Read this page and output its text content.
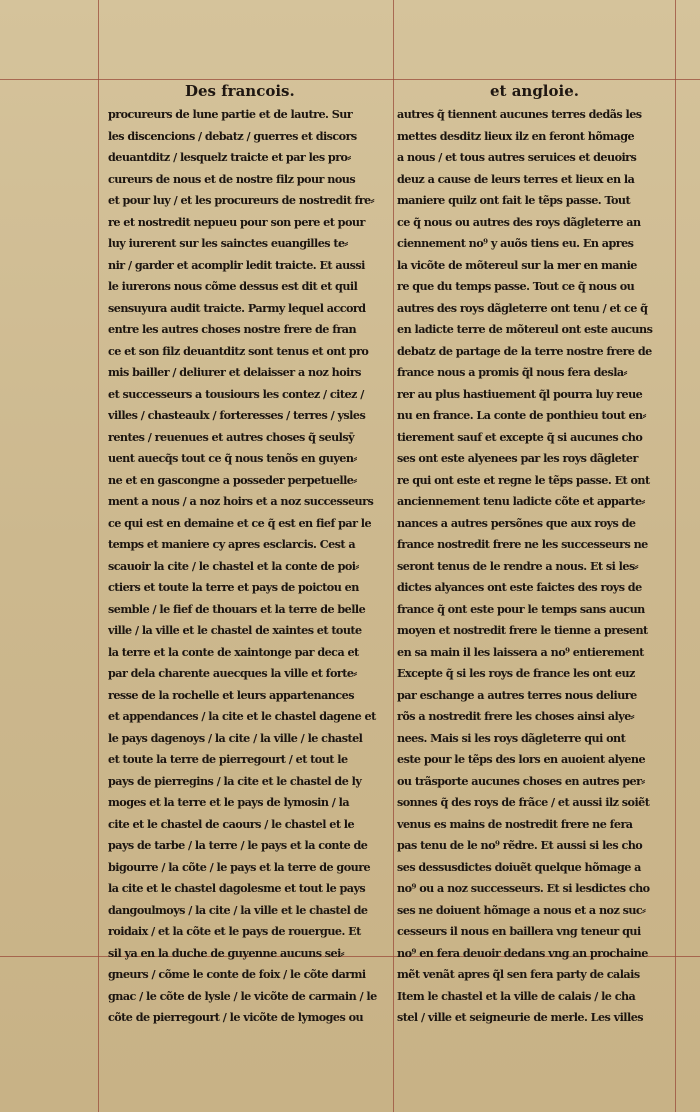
Des francois.	et angloie.
procureurs de lune partie et de lautre. Sur
les discencions / debatz / guerres et discors
deuantditz / lesquelz traicte et par les pro⸗
cureurs de nous et de nostre filz pour nous
et pour luy / et les procureurs de nostredit fre⸗
re et nostredit nepueu pour son pere et pour
luy iurerent sur les sainctes euangilles te⸗
nir / garder et acomplir ledit traicte. Et aussi
le iurerons nous cõme dessus est dit et quil
sensuyura audit traicte. Parmy lequel accord
entre les autres choses nostre frere de fran
ce et son filz deuantditz sont tenus et ont pro
mis bailler / deliurer et delaisser a noz hoirs
et successeurs a tousiours les contez / citez /
villes / chasteaulx / forteresses / terres / ysles
rentes / reuenues et autres choses q̃ seulsȳ
uent auecq̃s tout ce q̃ nous tenõs en guyen⸗
ne et en gascongne a posseder perpetuelle⸗
ment a nous / a noz hoirs et a noz successeurs
ce qui est en demaine et ce q̃ est en fief par le
temps et maniere cy apres esclarcis. Cest a
scauoir la cite / le chastel et la conte de poi⸗
ctiers et toute la terre et pays de poictou en
semble / le fief de thouars et la terre de belle
ville / la ville et le chastel de xaintes et toute
la terre et la conte de xaintonge par deca et
par dela charente auecques la ville et forte⸗
resse de la rochelle et leurs appartenances
et appendances / la cite et le chastel dagene et
le pays dagenoys / la cite / la ville / le chastel
et toute la terre de pierregourt / et tout le
pays de pierregins / la cite et le chastel de ly
moges et la terre et le pays de lymosin / la
cite et le chastel de caours / le chastel et le
pays de tarbe / la terre / le pays et la conte de
bigourre / la cõte / le pays et la terre de goure
la cite et le chastel dagolesme et tout le pays
dangoulmoys / la cite / la ville et le chastel de
roidaix / et la cõte et le pays de rouergue. Et
sil ya en la duche de guyenne aucuns sei⸗
gneurs / cõme le conte de foix / le cõte darmi
gnac / le cõte de lysle / le vicõte de carmain / le
cõte de pierregourt / le vicõte de lymoges ou
autres q̃ tiennent aucunes terres dedãs les
mettes desditz lieux ilz en feront hõmage
a nous / et tous autres seruices et deuoirs
deuz a cause de leurs terres et lieux en la
maniere quilz ont fait le tẽps passe. Tout
ce q̃ nous ou autres des roys dãgleterre an
ciennement no⁹ y auõs tiens eu. En apres
la vicõte de mõtereul sur la mer en manie
re que du temps passe. Tout ce q̃ nous ou
autres des roys dãgleterre ont tenu / et ce q̃
en ladicte terre de mõtereul ont este aucuns
debatz de partage de la terre nostre frere de
france nous a promis q̃l nous fera desla⸗
rer au plus hastiuement q̃l pourra luy reue
nu en france. La conte de ponthieu tout en⸗
tierement sauf et excepte q̃ si aucunes cho
ses ont este alyenees par les roys dãgleter
re qui ont este et regne le tẽps passe. Et ont
anciennement tenu ladicte cõte et apparte⸗
nances a autres persõnes que aux roys de
france nostredit frere ne les successeurs ne
seront tenus de le rendre a nous. Et si les⸗
dictes alyances ont este faictes des roys de
france q̃ ont este pour le temps sans aucun
moyen et nostredit frere le tienne a present
en sa main il les laissera a no⁹ entierement
Excepte q̃ si les roys de france les ont euz
par eschange a autres terres nous deliure
rõs a nostredit frere les choses ainsi alye⸗
nees. Mais si les roys dãgleterre qui ont
este pour le tẽps des lors en auoient alyene
ou trãsporte aucunes choses en autres per⸗
sonnes q̃ des roys de frãce / et aussi ilz soiẽt
venus es mains de nostredit frere ne fera
pas tenu de le no⁹ rẽdre. Et aussi si les cho
ses dessusdictes doiuẽt quelque hõmage a
no⁹ ou a noz successeurs. Et si lesdictes cho
ses ne doiuent hõmage a nous et a noz suc⸗
cesseurs il nous en baillera vng teneur qui
no⁹ en fera deuoir dedans vng an prochaine
mẽt venãt apres q̃l sen fera party de calais
Item le chastel et la ville de calais / le cha
stel / ville et seigneurie de merle. Les villes
